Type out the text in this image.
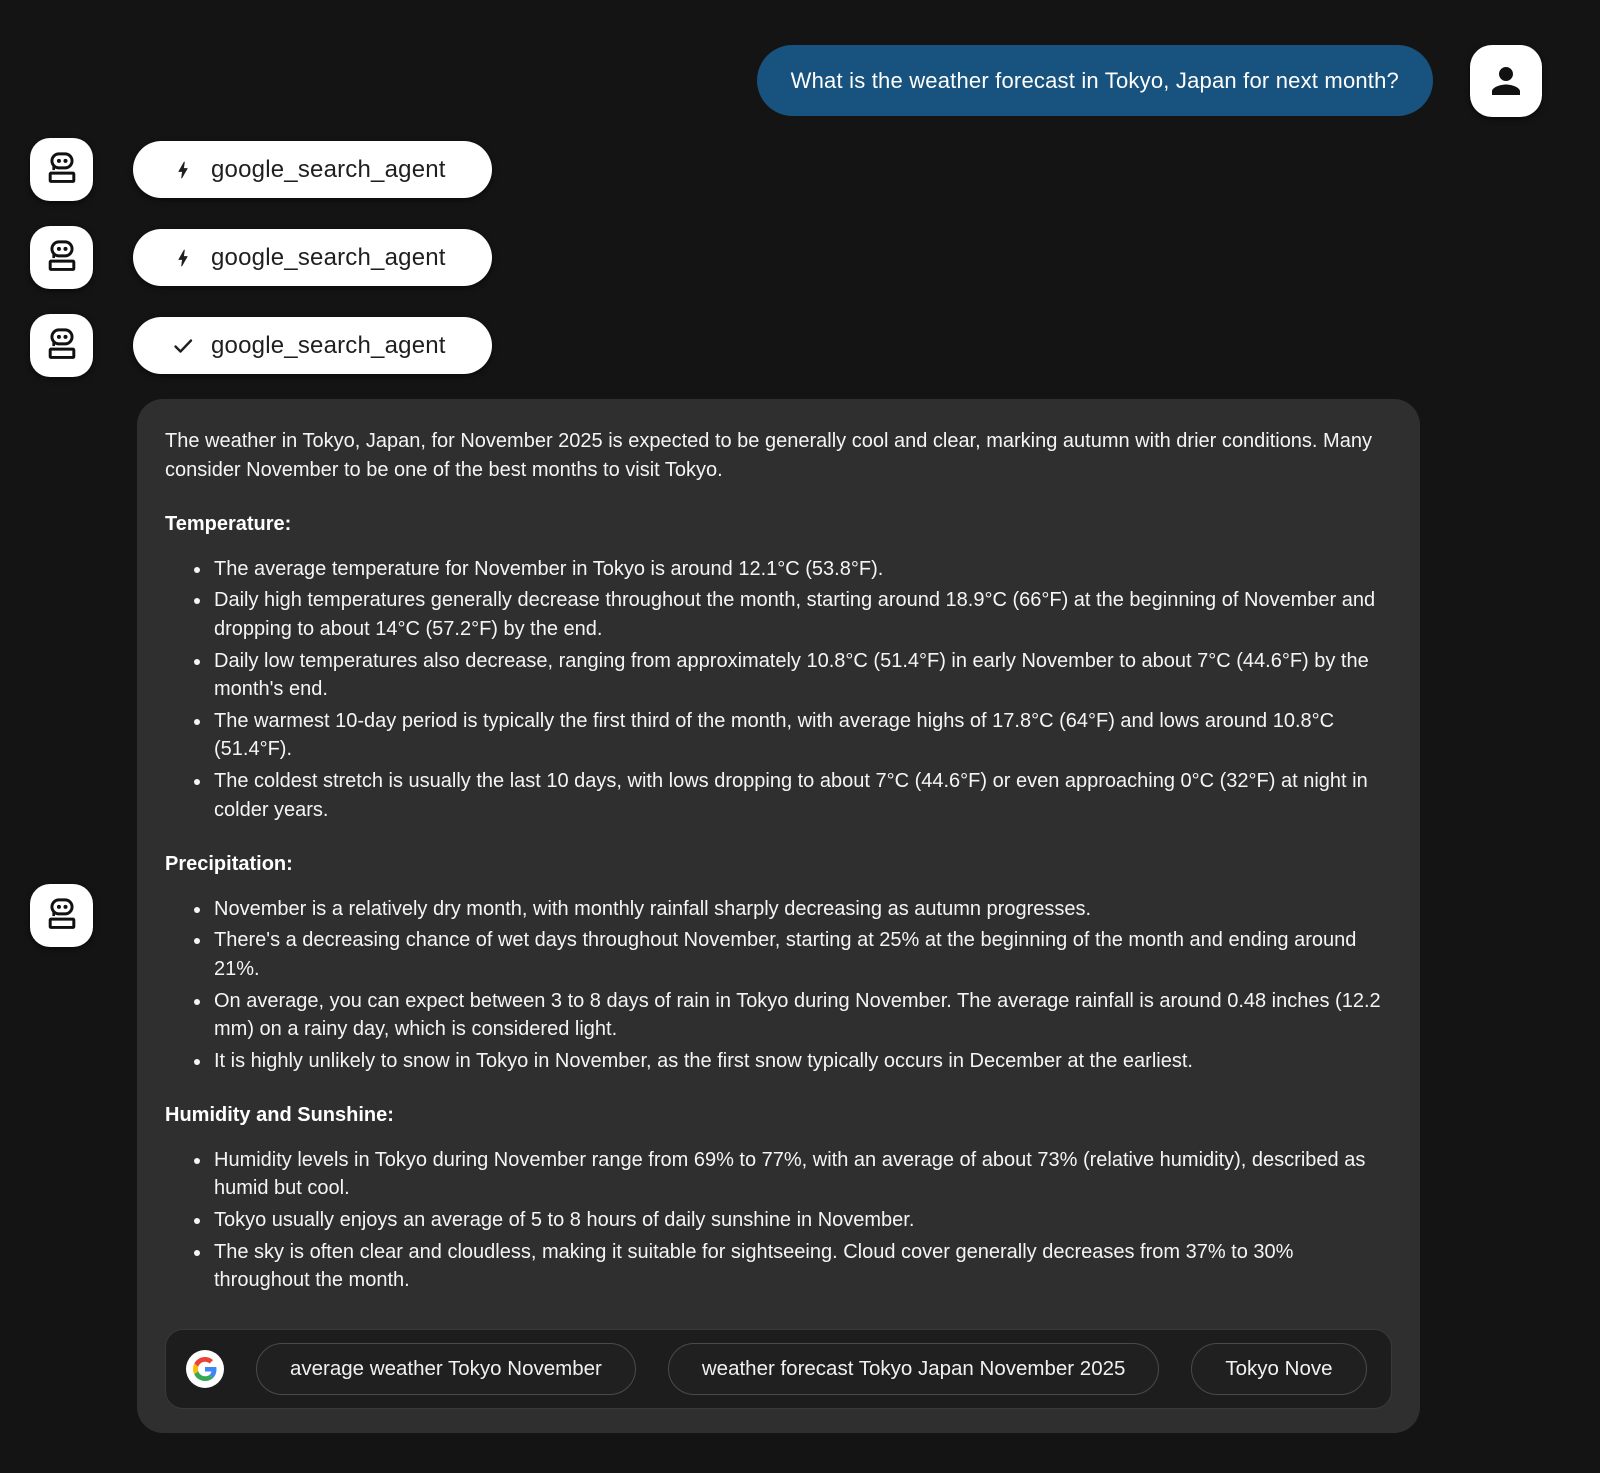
What is the weather forecast in Tokyo, Japan for next month?
google_search_agent
google_search_agent
google_search_agent

The weather in Tokyo, Japan, for November 2025 is expected to be generally cool and clear, marking autumn with drier conditions. Many consider November to be one of the best months to visit Tokyo.

Temperature:
• The average temperature for November in Tokyo is around 12.1°C (53.8°F).
• Daily high temperatures generally decrease throughout the month, starting around 18.9°C (66°F) at the beginning of November and dropping to about 14°C (57.2°F) by the end.
• Daily low temperatures also decrease, ranging from approximately 10.8°C (51.4°F) in early November to about 7°C (44.6°F) by the month's end.
• The warmest 10-day period is typically the first third of the month, with average highs of 17.8°C (64°F) and lows around 10.8°C (51.4°F).
• The coldest stretch is usually the last 10 days, with lows dropping to about 7°C (44.6°F) or even approaching 0°C (32°F) at night in colder years.
Precipitation:
• November is a relatively dry month, with monthly rainfall sharply decreasing as autumn progresses.
• There's a decreasing chance of wet days throughout November, starting at 25% at the beginning of the month and ending around 21%.
• On average, you can expect between 3 to 8 days of rain in Tokyo during November. The average rainfall is around 0.48 inches (12.2 mm) on a rainy day, which is considered light.
• It is highly unlikely to snow in Tokyo in November, as the first snow typically occurs in December at the earliest.
Humidity and Sunshine:
• Humidity levels in Tokyo during November range from 69% to 77%, with an average of about 73% (relative humidity), described as humid but cool.
• Tokyo usually enjoys an average of 5 to 8 hours of daily sunshine in November.
• The sky is often clear and cloudless, making it suitable for sightseeing. Cloud cover generally decreases from 37% to 30% throughout the month.
average weather Tokyo November	weather forecast Tokyo Japan November 2025	Tokyo Nove
